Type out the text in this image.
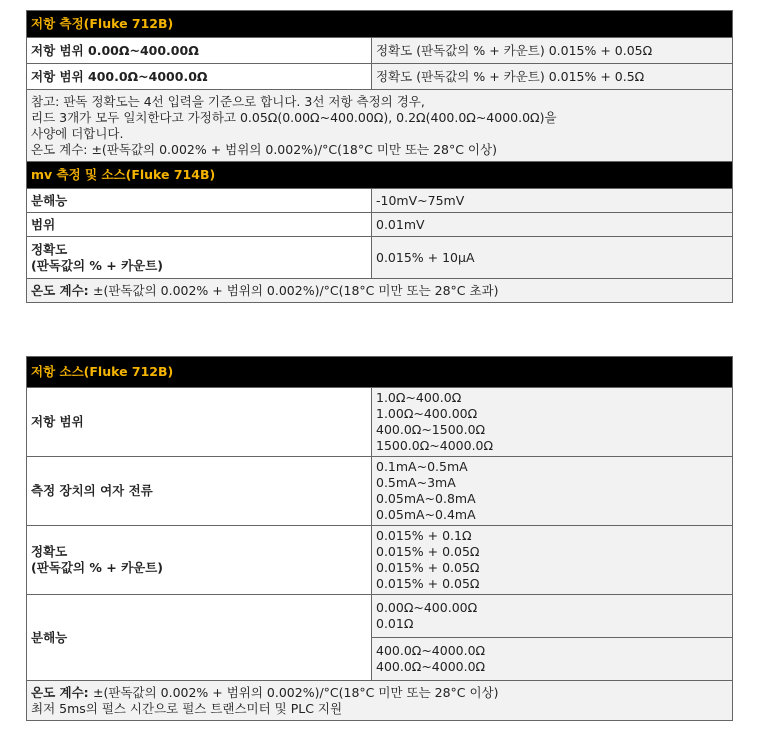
저항 측정(Fluke 712B)	
저항 범위 0.00Ω~400.00Ω	정확도 (판독값의 % + 카운트) 0.015% + 0.05Ω
저항 범위 400.0Ω~4000.0Ω	정확도 (판독값의 % + 카운트) 0.015% + 0.5Ω

참고: 판독 정확도는 4선 입력을 기준으로 합니다. 3선 저항 측정의 경우,
리드 3개가 모두 일치한다고 가정하고 0.05Ω(0.00Ω~400.00Ω), 0.2Ω(400.0Ω~4000.0Ω)을
사양에 더합니다.
온도 계수: ±(판독값의 0.002% + 범위의 0.002%)/°C(18°C 미만 또는 28°C 이상)	

mv 측정 및 소스(Fluke 714B)	
분해능	-10mV~75mV
범위	0.01mV

정확도
(판독값의 % + 카운트)	0.015% + 10μA
온도 계수: ±(판독값의 0.002% + 범위의 0.002%)/°C(18°C 미만 또는 28°C 초과)	
저항 소스(Fluke 712B)	
저항 범위	1.0Ω~400.0Ω
1.00Ω~400.00Ω
400.0Ω~1500.0Ω
1500.0Ω~4000.0Ω

측정 장치의 여자 전류	0.1mA~0.5mA
0.5mA~3mA
0.05mA~0.8mA
0.05mA~0.4mA

정확도
(판독값의 % + 카운트)	0.015% + 0.1Ω
0.015% + 0.05Ω
0.015% + 0.05Ω
0.015% + 0.05Ω

분해능	0.00Ω~400.00Ω
0.01Ω

	400.0Ω~4000.0Ω
400.0Ω~4000.0Ω

온도 계수: ±(판독값의 0.002% + 범위의 0.002%)/°C(18°C 미만 또는 28°C 이상)
최저 5ms의 펄스 시간으로 펄스 트랜스미터 및 PLC 지원	
